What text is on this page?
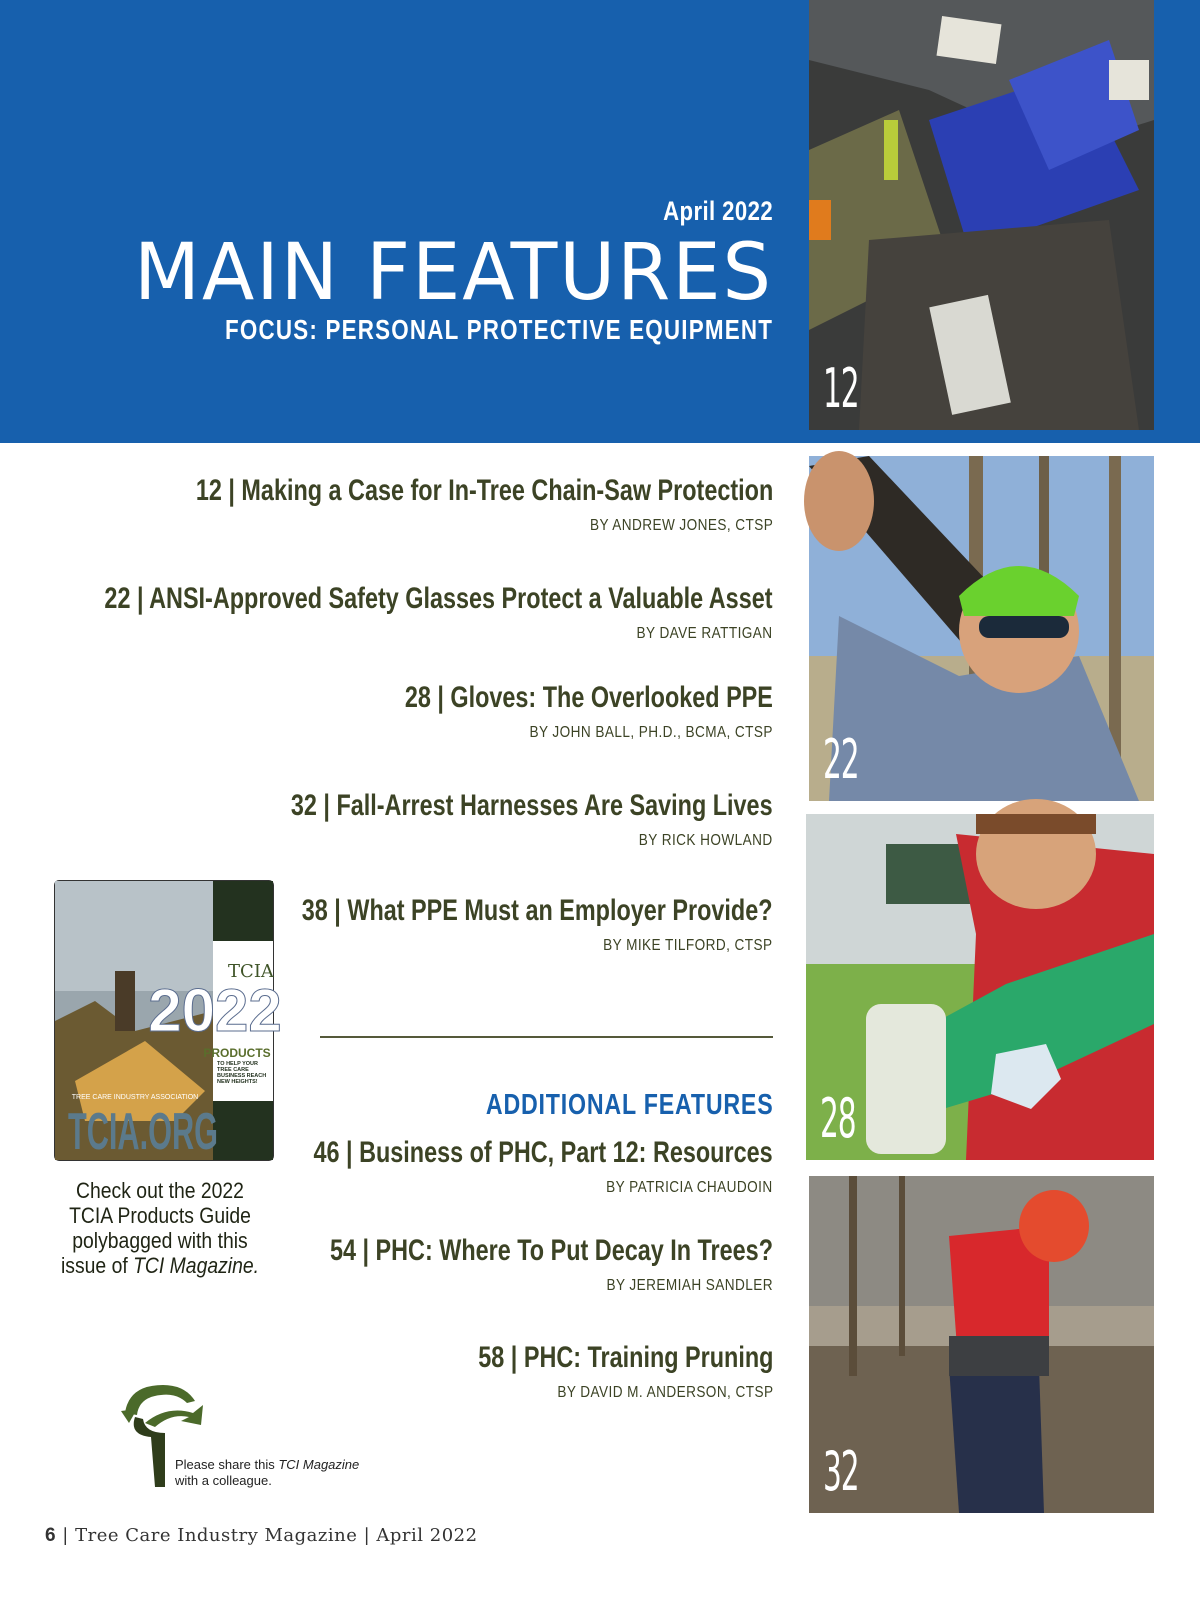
April 2022
MAIN FEATURES
FOCUS: PERSONAL PROTECTIVE EQUIPMENT
12
22
28
32
12 | Making a Case for In-Tree Chain-Saw Protection
BY ANDREW JONES, CTSP
22 | ANSI-Approved Safety Glasses Protect a Valuable Asset
BY DAVE RATTIGAN
28 | Gloves: The Overlooked PPE
BY JOHN BALL, PH.D., BCMA, CTSP
32 | Fall-Arrest Harnesses Are Saving Lives
BY RICK HOWLAND
38 | What PPE Must an Employer Provide?
BY MIKE TILFORD, CTSP
ADDITIONAL FEATURES
46 | Business of PHC, Part 12: Resources
BY PATRICIA CHAUDOIN
54 | PHC: Where To Put Decay In Trees?
BY JEREMIAH SANDLER
58 | PHC: Training Pruning
BY DAVID M. ANDERSON, CTSP
TCIA
2022
PRODUCTS
TO HELP YOUR TREE CARE BUSINESS REACH NEW HEIGHTS!
TREE CARE INDUSTRY ASSOCIATION
TCIA.ORG
Check out the 2022
TCIA Products Guide
polybagged with this
issue of TCI Magazine.
Please share this TCI Magazine
with a colleague.
6 | Tree Care Industry Magazine | April 2022
